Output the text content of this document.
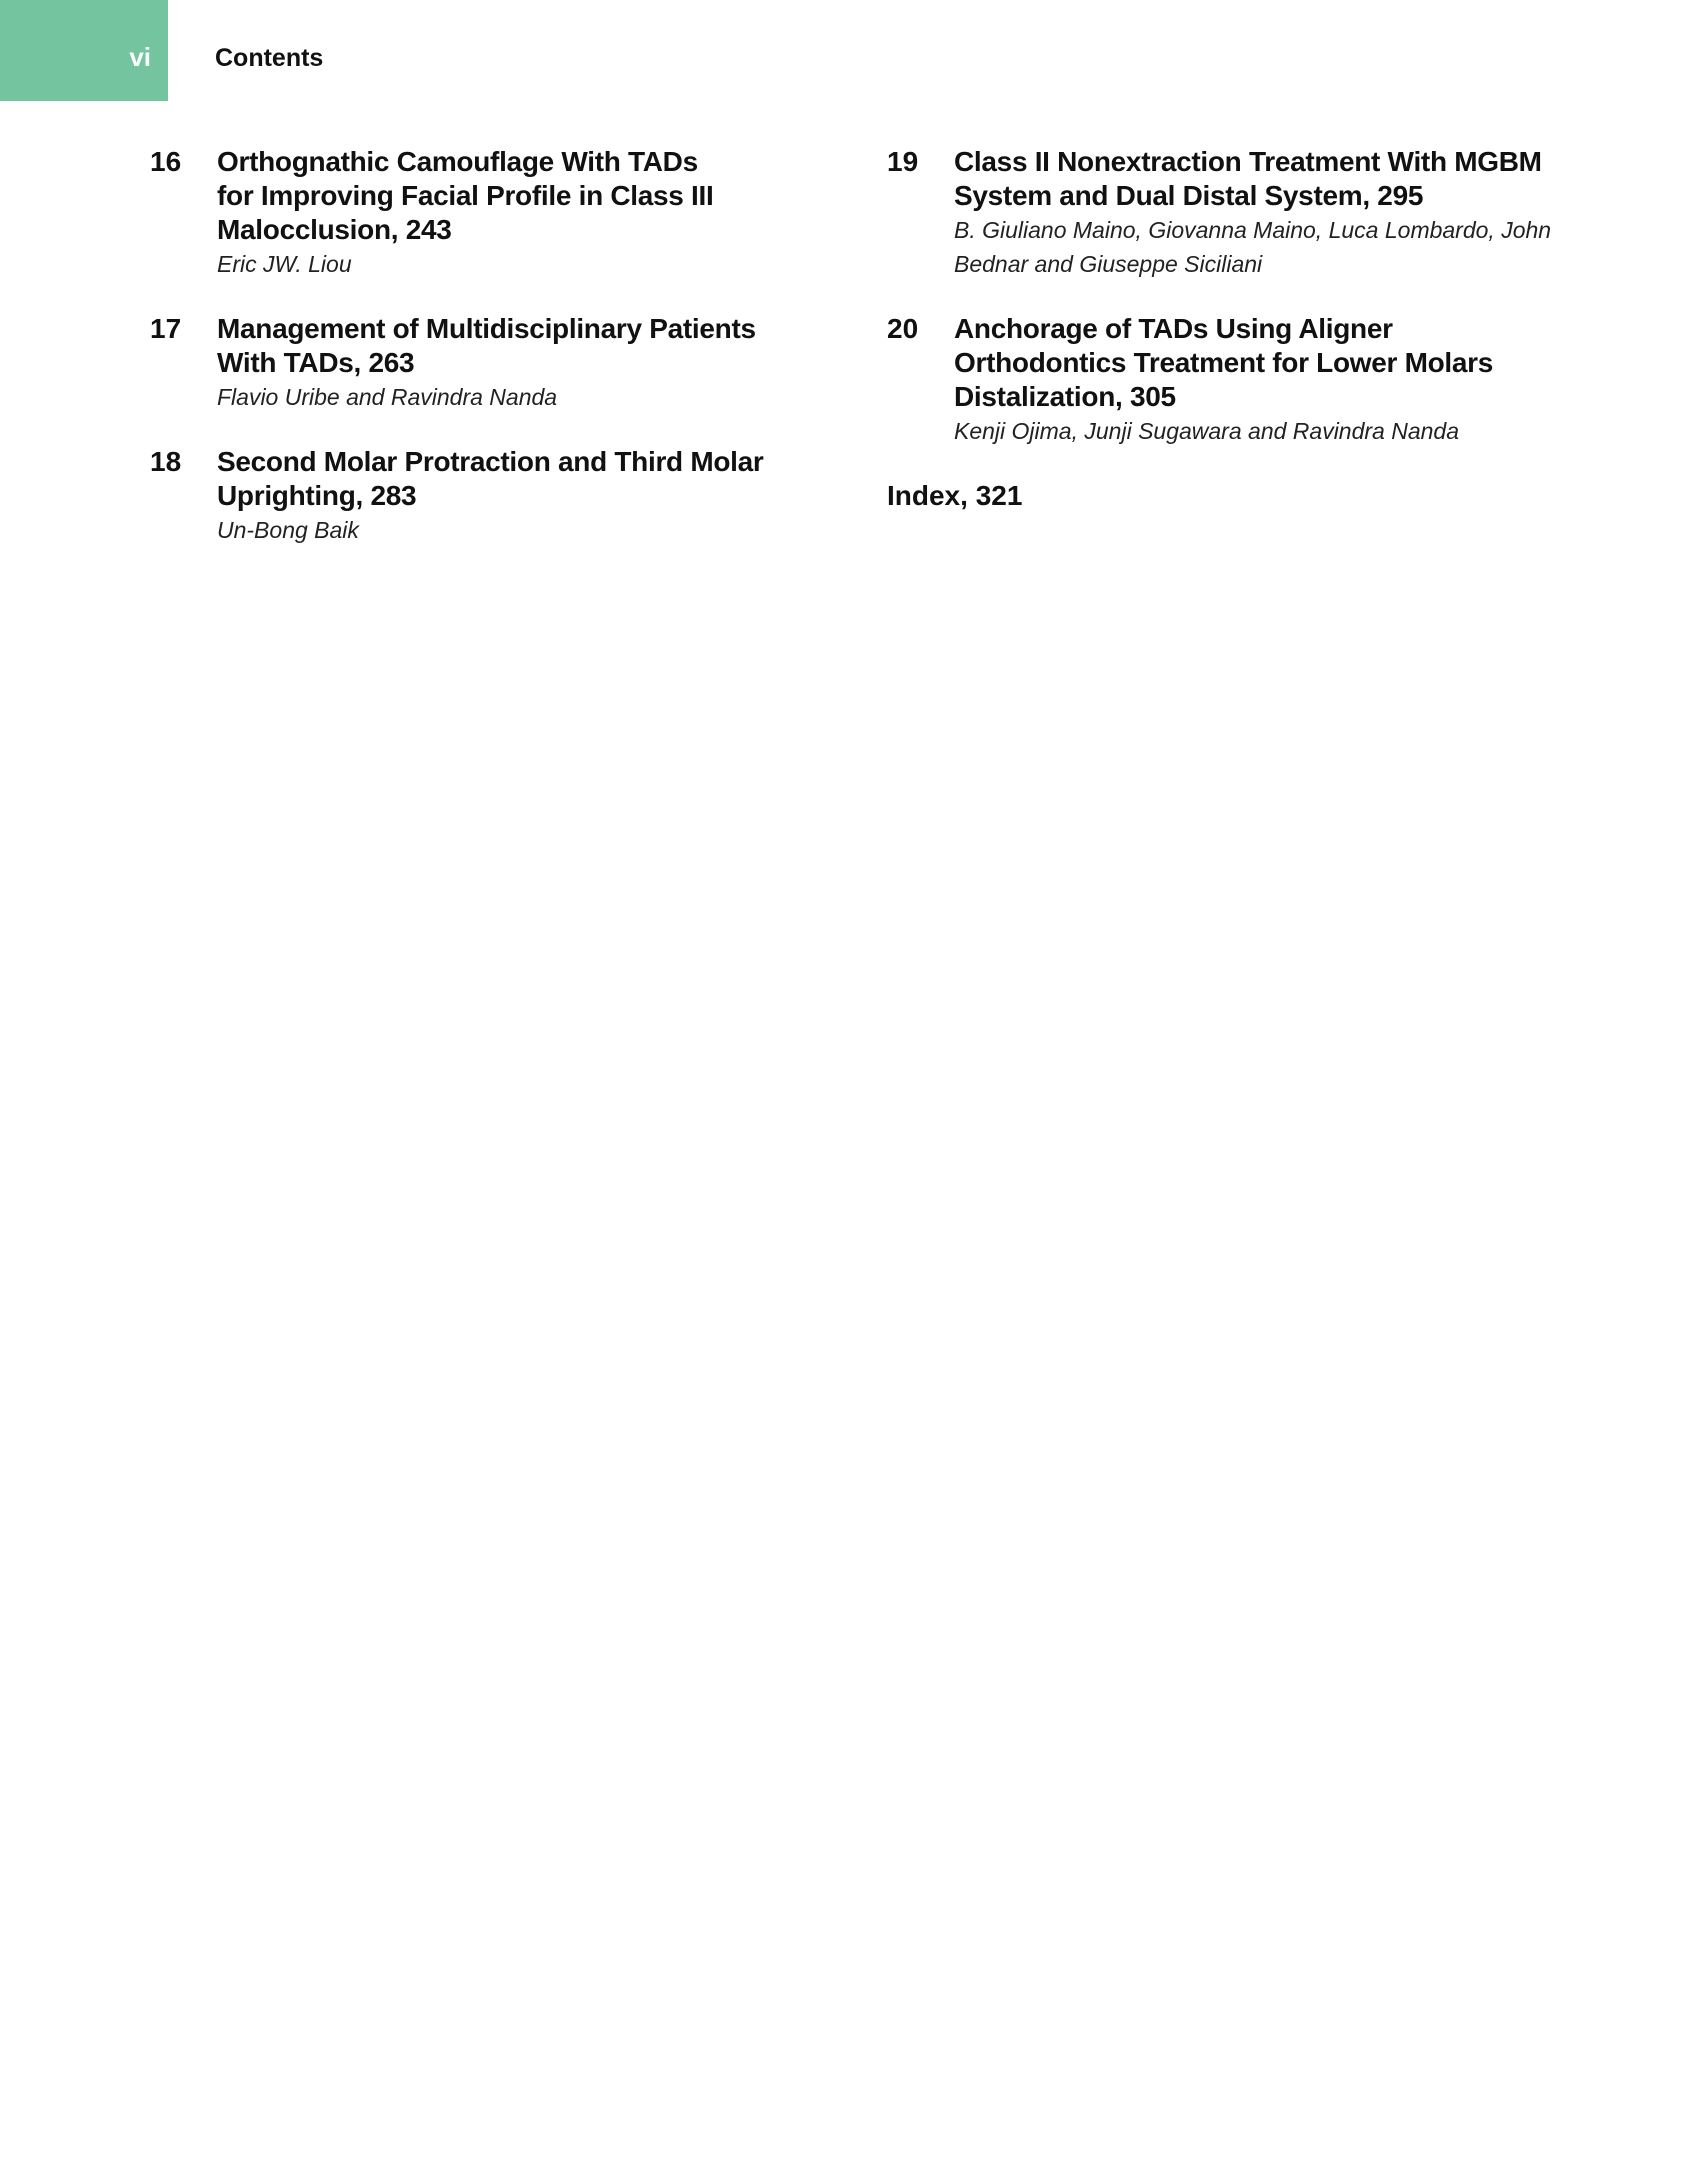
vi	Contents
16 Orthognathic Camouflage With TADs
for Improving Facial Profile in Class III
Malocclusion, 243
Eric JW. Liou
17 Management of Multidisciplinary Patients
With TADs, 263
Flavio Uribe and Ravindra Nanda
18 Second Molar Protraction and Third Molar
Uprighting, 283
Un-Bong Baik
19 Class II Nonextraction Treatment With MGBM
System and Dual Distal System, 295
B. Giuliano Maino, Giovanna Maino, Luca Lombardo, John
Bednar and Giuseppe Siciliani
20 Anchorage of TADs Using Aligner
Orthodontics Treatment for Lower Molars
Distalization, 305
Kenji Ojima, Junji Sugawara and Ravindra Nanda
Index, 321
